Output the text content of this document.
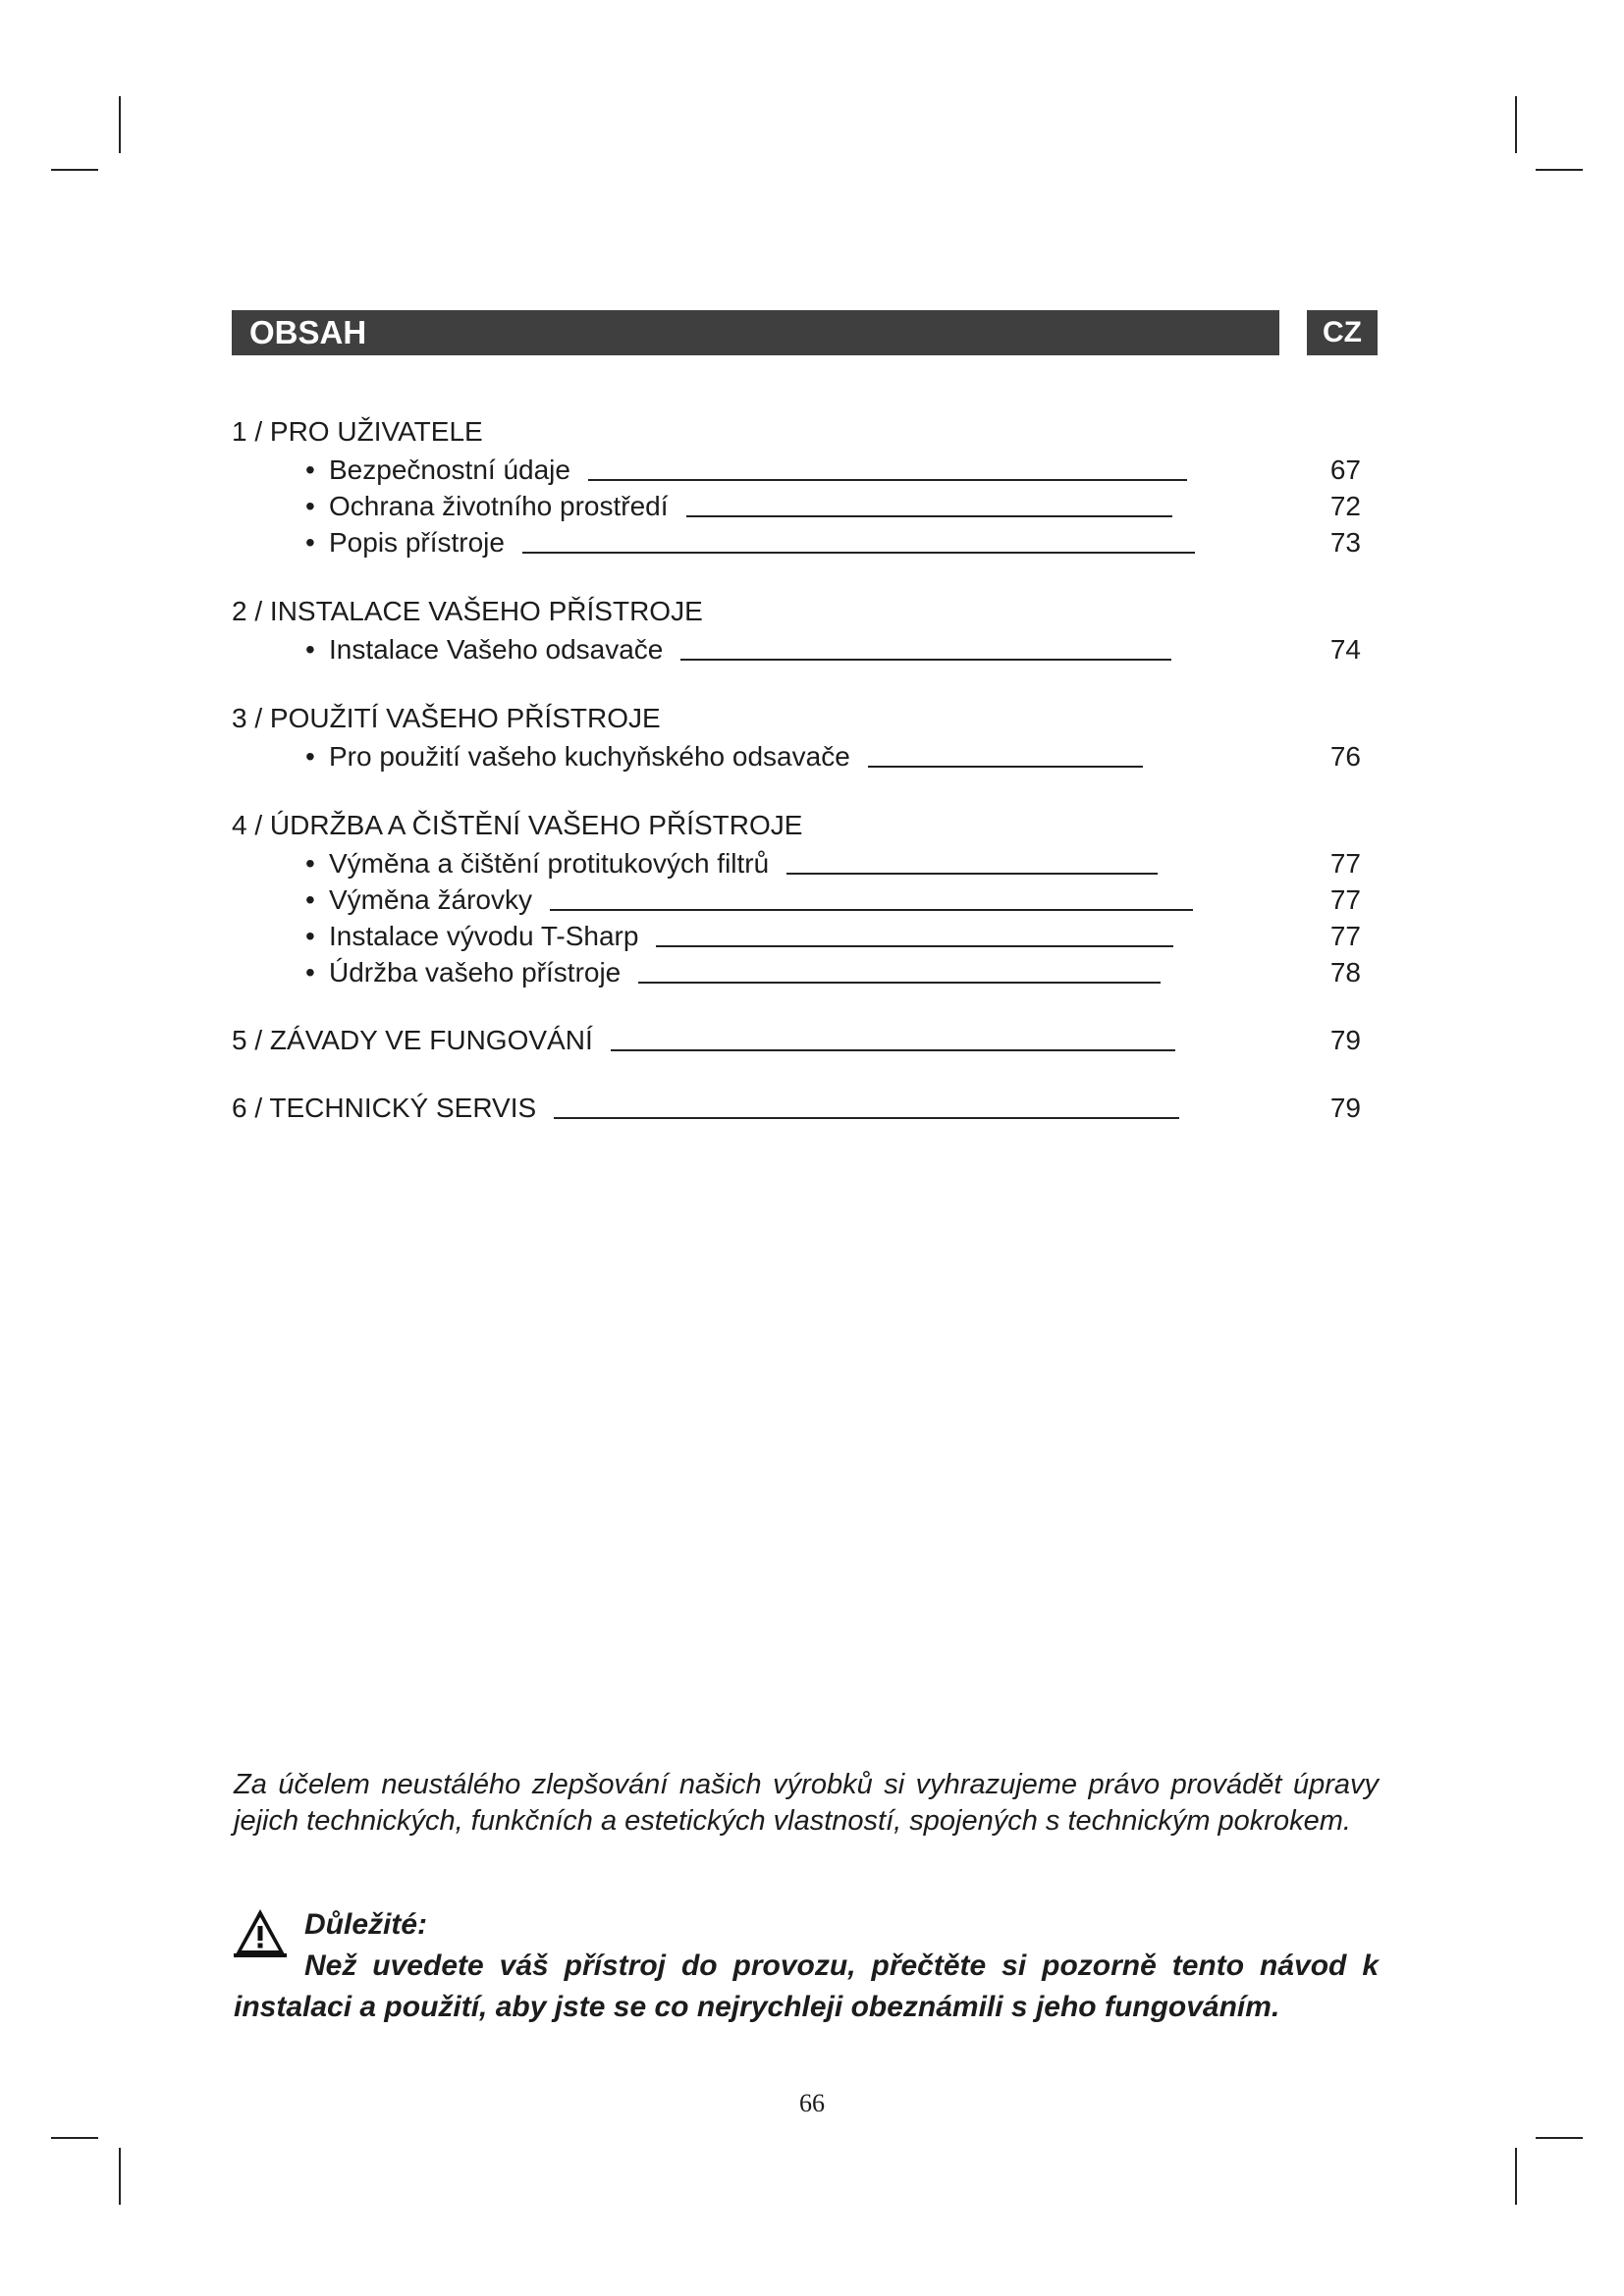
OBSAH	CZ
1 / PRO UŽIVATELE
• Bezpečnostní údaje	67
• Ochrana životního prostředí	72
• Popis přístroje	73
2 / INSTALACE VAŠEHO PŘÍSTROJE
• Instalace Vašeho odsavače	74
3 / POUŽITÍ VAŠEHO PŘÍSTROJE
• Pro použití vašeho kuchyňského odsavače	76
4 / ÚDRŽBA A ČIŠTĚNÍ VAŠEHO PŘÍSTROJE
• Výměna a čištění protitukových filtrů	77
• Výměna žárovky	77
• Instalace vývodu T-Sharp	77
• Údržba vašeho přístroje	78
5 / ZÁVADY VE FUNGOVÁNÍ	79
6 / TECHNICKÝ SERVIS	79
Za účelem neustálého zlepšování našich výrobků si vyhrazujeme právo provádět úpravy jejich technických, funkčních a estetických vlastností, spojených s technickým pokrokem.
Důležité:
Než uvedete váš přístroj do provozu, přečtěte si pozorně tento návod k
instalaci a použití, aby jste se co nejrychleji obeznámili s jeho fungováním.
66
